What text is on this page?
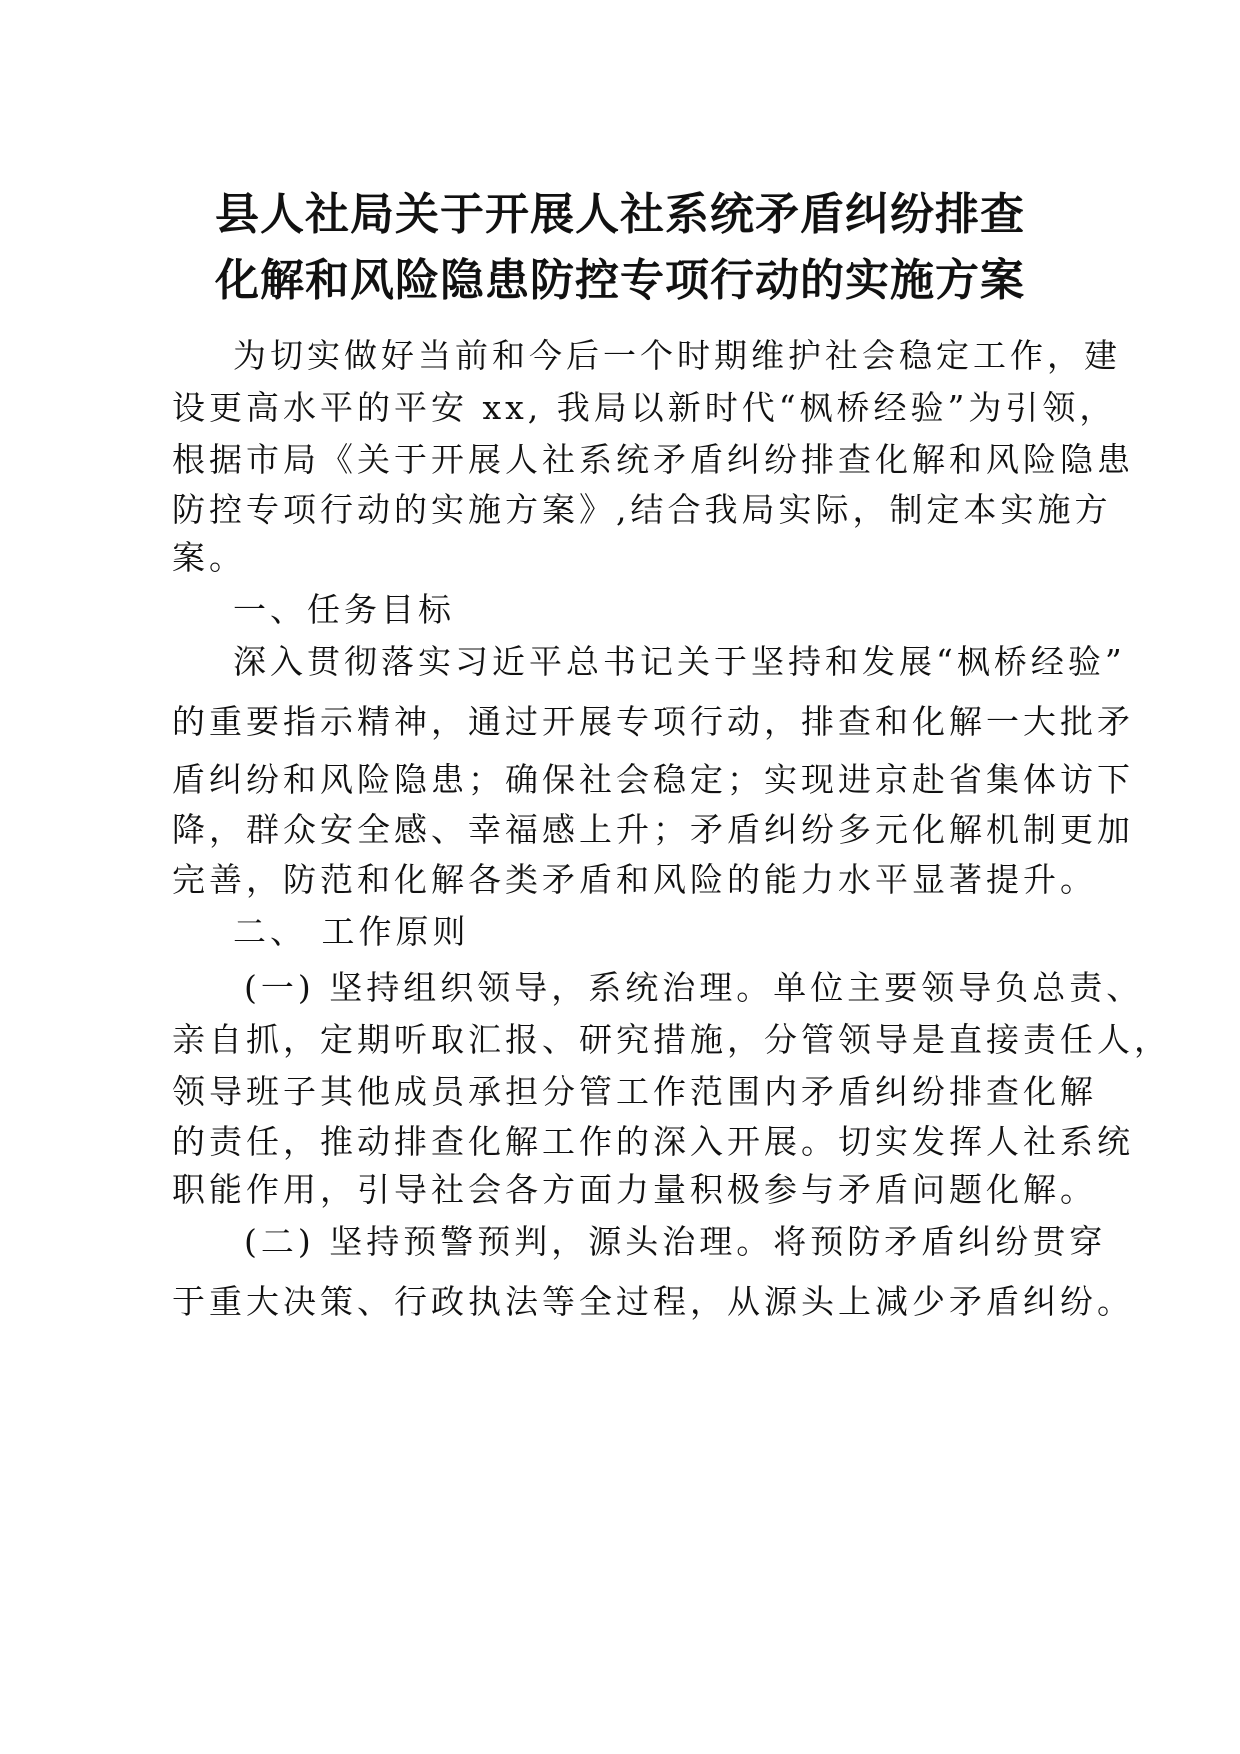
县人社局关于开展人社系统矛盾纠纷排查
化解和风险隐患防控专项行动的实施方案

为切实做好当前和今后一个时期维护社会稳定工作，建

设更高水平的平安 xx, 我局以新时代“枫桥经验”为引领，

根据市局《关于开展人社系统矛盾纠纷排查化解和风险隐患

防控专项行动的实施方案》,结合我局实际，制定本实施方

案。

一、任务目标

深入贯彻落实习近平总书记关于坚持和发展“枫桥经验”

的重要指示精神，通过开展专项行动，排查和化解一大批矛

盾纠纷和风险隐患；确保社会稳定；实现进京赴省集体访下

降，群众安全感、幸福感上升；矛盾纠纷多元化解机制更加

完善，防范和化解各类矛盾和风险的能力水平显著提升。

二、 工作原则

(一) 坚持组织领导，系统治理。单位主要领导负总责、

亲自抓，定期听取汇报、研究措施，分管领导是直接责任人，

领导班子其他成员承担分管工作范围内矛盾纠纷排查化解

的责任，推动排查化解工作的深入开展。切实发挥人社系统

职能作用，引导社会各方面力量积极参与矛盾问题化解。

(二) 坚持预警预判，源头治理。将预防矛盾纠纷贯穿

于重大决策、行政执法等全过程，从源头上减少矛盾纠纷。
